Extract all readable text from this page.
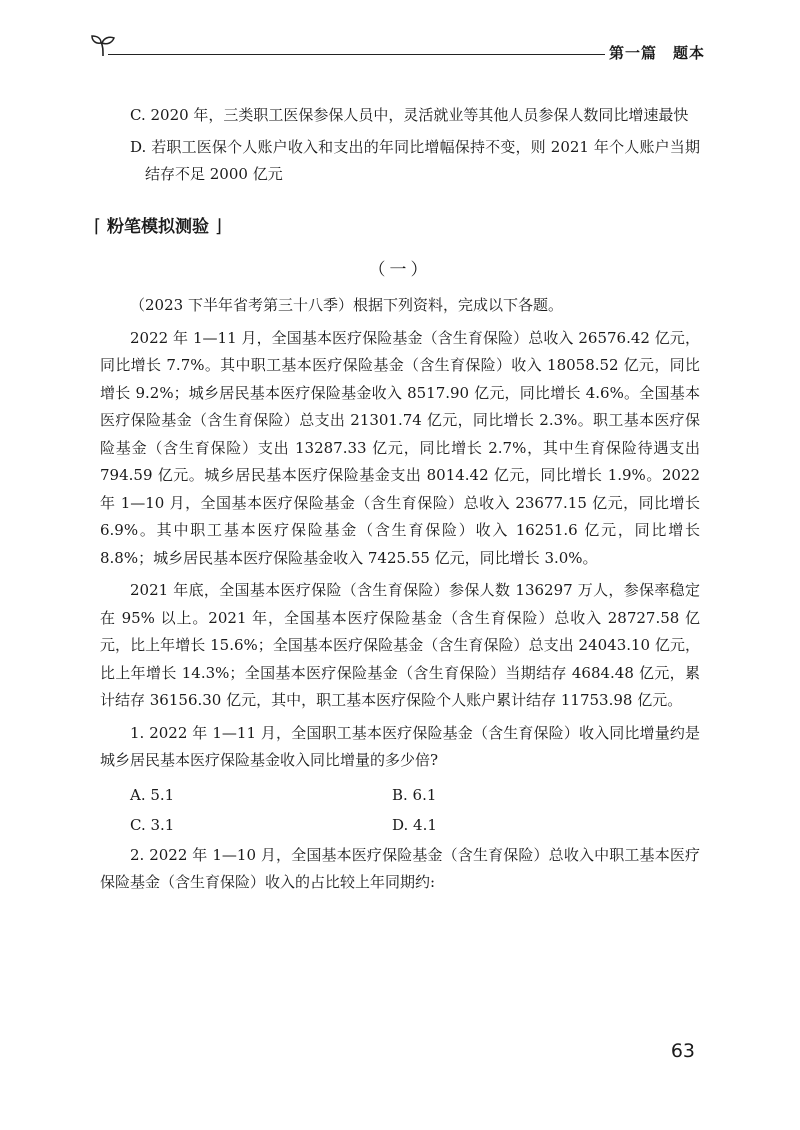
第一篇　题本

C. 2020 年，三类职工医保参保人员中，灵活就业等其他人员参保人数同比增速最快

D. 若职工医保个人账户收入和支出的年同比增幅保持不变，则 2021 年个人账户当期结存不足 2000 亿元

⌈ 粉笔模拟测验 ⌋
（一）

（2023 下半年省考第三十八季）根据下列资料，完成以下各题。

2022 年 1—11 月，全国基本医疗保险基金（含生育保险）总收入 26576.42 亿元，同比增长 7.7%。其中职工基本医疗保险基金（含生育保险）收入 18058.52 亿元，同比增长 9.2%；城乡居民基本医疗保险基金收入 8517.90 亿元，同比增长 4.6%。全国基本医疗保险基金（含生育保险）总支出 21301.74 亿元，同比增长 2.3%。职工基本医疗保险基金（含生育保险）支出 13287.33 亿元，同比增长 2.7%，其中生育保险待遇支出 794.59 亿元。城乡居民基本医疗保险基金支出 8014.42 亿元，同比增长 1.9%。2022 年 1—10 月，全国基本医疗保险基金（含生育保险）总收入 23677.15 亿元，同比增长 6.9%。其中职工基本医疗保险基金（含生育保险）收入 16251.6 亿元，同比增长 8.8%；城乡居民基本医疗保险基金收入 7425.55 亿元，同比增长 3.0%。

2021 年底，全国基本医疗保险（含生育保险）参保人数 136297 万人，参保率稳定在 95% 以上。2021 年，全国基本医疗保险基金（含生育保险）总收入 28727.58 亿元，比上年增长 15.6%；全国基本医疗保险基金（含生育保险）总支出 24043.10 亿元，比上年增长 14.3%；全国基本医疗保险基金（含生育保险）当期结存 4684.48 亿元，累计结存 36156.30 亿元，其中，职工基本医疗保险个人账户累计结存 11753.98 亿元。

1. 2022 年 1—11 月，全国职工基本医疗保险基金（含生育保险）收入同比增量约是城乡居民基本医疗保险基金收入同比增量的多少倍?

A. 5.1	B. 6.1
C. 3.1	D. 4.1

2. 2022 年 1—10 月，全国基本医疗保险基金（含生育保险）总收入中职工基本医疗保险基金（含生育保险）收入的占比较上年同期约:

63
